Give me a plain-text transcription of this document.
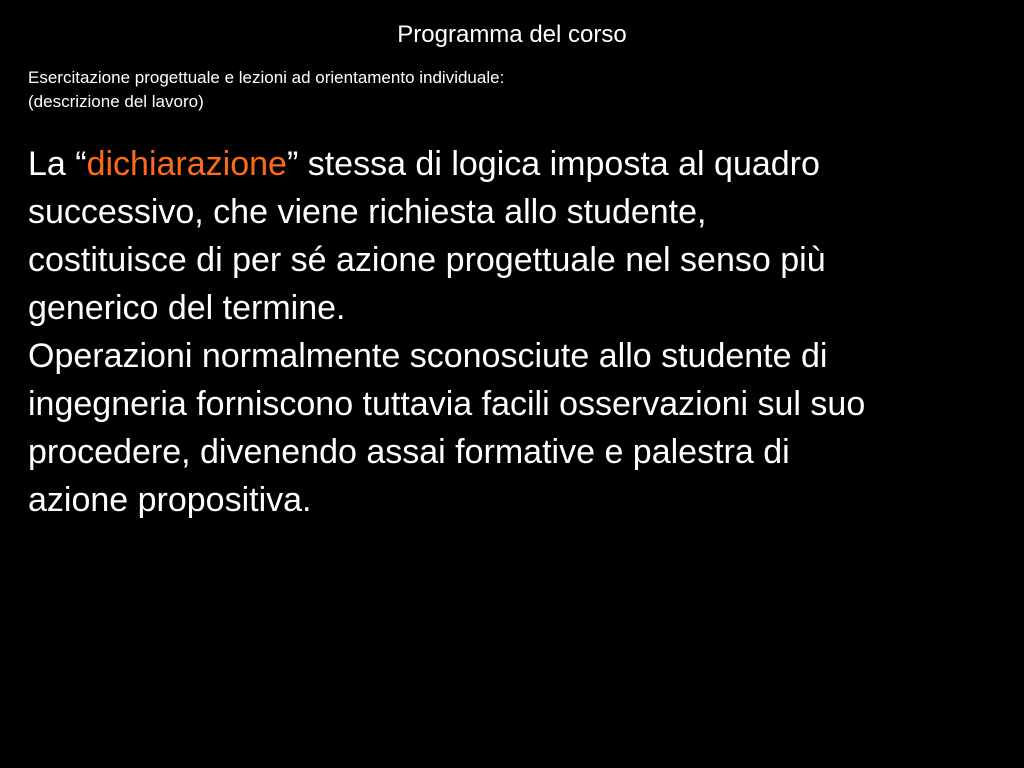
Programma del corso
Esercitazione progettuale e lezioni ad orientamento individuale:
(descrizione del lavoro)
La “dichiarazione” stessa di logica imposta al quadro
successivo, che viene richiesta allo studente,
costituisce di per sé azione progettuale nel senso più
generico del termine.
Operazioni normalmente sconosciute allo studente di
ingegneria forniscono tuttavia facili osservazioni sul suo
procedere, divenendo assai formative e palestra di
azione propositiva.
